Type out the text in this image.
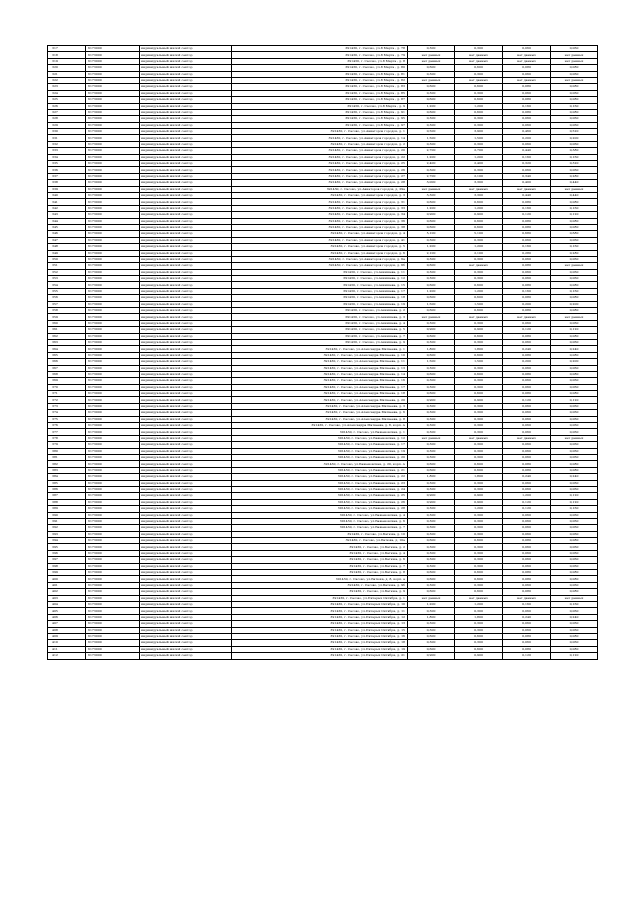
317	6173000	индивидуальный жилой сектор	391430, г. Сасово, ул.8 Марта , д. 78	0,300	0,300	0,060	0,060
318	6173000	индивидуальный жилой сектор	391430, г. Сасово, ул.8 Марта , д. 79	нет данных	нет данных	нет данных	нет данных
319	6173000	индивидуальный жилой сектор	391430, г. Сасово, ул.8 Марта , д. 8	нет данных	нет данных	нет данных	нет данных
320	6173000	индивидуальный жилой сектор	391430, г. Сасово, ул.8 Марта , д. 80	0,600	0,600	0,080	0,080
321	6173000	индивидуальный жилой сектор	391430, г. Сасово, ул.8 Марта , д. 81	0,300	0,300	0,060	0,060
322	6173000	индивидуальный жилой сектор	391430, г. Сасово, ул.8 Марта , д. 82	нет данных	нет данных	нет данных	нет данных
323	6173000	индивидуальный жилой сектор	391430, г. Сасово, ул.8 Марта , д. 83	0,600	0,600	0,080	0,080
324	6173000	индивидуальный жилой сектор	391430, г. Сасово, ул.8 Марта , д. 85	0,300	0,300	0,060	0,060
325	6173000	индивидуальный жилой сектор	391430, г. Сасово, ул.8 Марта , д. 87	0,600	0,600	0,080	0,080
326	6173000	индивидуальный жилой сектор	391430, г. Сасово, ул.8 Марта , д. 9	1,200	1,200	0,160	0,160
327	6173000	индивидуальный жилой сектор	391430, г. Сасово, ул.8 Марта , д. 91	0,600	0,600	0,080	0,080
328	6173000	индивидуальный жилой сектор	391430, г. Сасово, ул.8 Марта , д. 95	0,300	0,300	0,060	0,060
329	6173000	индивидуальный жилой сектор	391430, г. Сасово, ул.8 Марта , д. 97	0,300	0,300	0,060	0,060
330	6173000	индивидуальный жилой сектор	391430, г. Сасово, ул.Авиаторов городок, д. 1	0,500	3,900	0,460	0,520
331	6173000	индивидуальный жилой сектор	391430, г. Сасово, ул.Авиаторов городок, д. 14	1,500	1,500	0,200	0,200
332	6173000	индивидуальный жилой сектор	391430, г. Сасово, ул.Авиаторов городок, д. 2	0,300	0,300	0,060	0,060
333	6173000	индивидуальный жилой сектор	391430, г. Сасово, ул.Авиаторов городок, д. 20	2,700	2,700	0,440	0,380
334	6173000	индивидуальный жилой сектор	391430, г. Сасово, ул.Авиаторов городок, д. 22	1,200	1,200	0,160	0,160
335	6173000	индивидуальный жилой сектор	391430, г. Сасово, ул.Авиаторов городок, д. 25	2,400	2,400	0,320	0,320
336	6173000	индивидуальный жилой сектор	391430, г. Сасово, ул.Авиаторов городок, д. 26	0,300	0,300	0,060	0,060
337	6173000	индивидуальный жилой сектор	391430, г. Сасово, ул.Авиаторов городок, д. 27	2,700	2,100	0,340	0,280
338	6173000	индивидуальный жилой сектор	391430, г. Сасово, ул.Авиаторов городок, д. 28	3,000	3,300	0,400	0,440
339	6173000	индивидуальный жилой сектор	391430, г. Сасово, ул.Авиаторов городок, д. 29а	нет данных	нет данных	нет данных	нет данных
340	6173000	индивидуальный жилой сектор	391430, г. Сасово, ул.Авиаторов городок, д. 3	3,300	3,300	0,440	0,440
341	6173000	индивидуальный жилой сектор	391430, г. Сасово, ул.Авиаторов городок, д. 31	0,600	0,600	0,080	0,080
342	6173000	индивидуальный жилой сектор	391430, г. Сасово, ул.Авиаторов городок, д. 33	1,200	1,200	0,160	0,160
343	6173000	индивидуальный жилой сектор	391430, г. Сасово, ул.Авиаторов городок, д. 34	0,900	0,900	0,120	0,120
344	6173000	индивидуальный жилой сектор	391430, г. Сасово, ул.Авиаторов городок, д. 36	0,600	0,600	0,080	0,080
345	6173000	индивидуальный жилой сектор	391430, г. Сасово, ул.Авиаторов городок, д. 38	0,600	0,600	0,080	0,080
346	6173000	индивидуальный жилой сектор	391430, г. Сасово, ул.Авиаторов городок, д. 4	5,100	5,100	0,680	0,680
347	6173000	индивидуальный жилой сектор	391430, г. Сасово, ул.Авиаторов городок, д. 41	0,300	0,300	0,060	0,060
348	6173000	индивидуальный жилой сектор	391430, г. Сасово, ул.Авиаторов городок, д. 5	1,200	1,200	0,160	0,160
349	6173000	индивидуальный жилой сектор	391430, г. Сасово, ул.Авиаторов городок, д. 6	2,100	2,100	0,280	0,280
350	6173000	индивидуальный жилой сектор	391430, г. Сасово, ул.Авиаторов городок, д. 6а	0,300	0,300	0,060	0,060
351	6173000	индивидуальный жилой сектор	391430, г. Сасово, ул.Авиаторов городок, д. 6б	0,600	нет данных	0,080	нет данных
352	6173000	индивидуальный жилой сектор	391430, г. Сасово, ул.Аккишева, д. 11	0,300	0,300	0,060	0,060
353	6173000	индивидуальный жилой сектор	391430, г. Сасово, ул.Аккишева, д. 12	0,300	0,300	0,060	0,060
354	6173000	индивидуальный жилой сектор	391430, г. Сасово, ул.Аккишева, д. 15	0,600	0,600	0,080	0,080
355	6173000	индивидуальный жилой сектор	391430, г. Сасово, ул.Аккишева, д. 17	1,200	1,200	0,160	0,160
356	6173000	индивидуальный жилой сектор	391430, г. Сасово, ул.Аккишева, д. 18	0,600	0,600	0,080	0,080
357	6173000	индивидуальный жилой сектор	391430, г. Сасово, ул.Аккишева, д. 19	1,500	1,500	0,200	0,200
358	6173000	индивидуальный жилой сектор	391430, г. Сасово, ул.Аккишева, д. 2	0,600	0,600	0,080	0,080
359	6173000	индивидуальный жилой сектор	391430, г. Сасово, ул.Аккишева, д. 3	нет данных	нет данных	нет данных	нет данных
360	6173000	индивидуальный жилой сектор	391430, г. Сасово, ул.Аккишева, д. 4	0,300	0,300	0,060	0,060
361	6173000	индивидуальный жилой сектор	391430, г. Сасово, ул.Аккишева, д. 5	0,900	0,900	0,120	0,120
362	6173000	индивидуальный жилой сектор	391430, г. Сасово, ул.Аккишева, д. 7	0,600	0,600	0,080	0,080
363	6173000	индивидуальный жилой сектор	391430, г. Сасово, ул.Аккишева, д. 9	0,300	0,300	0,060	0,060
364	6173000	индивидуальный жилой сектор	391430, г. Сасово, ул.Александра Матвеева, д. 1	1,800	1,800	0,240	0,240
365	6173000	индивидуальный жилой сектор	391430, г. Сасово, ул.Александра Матвеева, д. 10	0,600	0,600	0,080	0,080
366	6173000	индивидуальный жилой сектор	391430, г. Сасово, ул.Александра Матвеева, д. 11	1,500	1,500	0,200	0,200
367	6173000	индивидуальный жилой сектор	391430, г. Сасово, ул.Александра Матвеева, д. 13	0,300	0,300	0,060	0,060
368	6173000	индивидуальный жилой сектор	391430, г. Сасово, ул.Александра Матвеева, д. 14	0,600	0,600	0,080	0,080
369	6173000	индивидуальный жилой сектор	391430, г. Сасово, ул.Александра Матвеева, д. 16	0,300	0,300	0,060	0,060
370	6173000	индивидуальный жилой сектор	391430, г. Сасово, ул.Александра Матвеева, д. 17	0,300	0,300	0,060	0,060
371	6173000	индивидуальный жилой сектор	391430, г. Сасово, ул.Александра Матвеева, д. 18	0,600	0,600	0,080	0,080
372	6173000	индивидуальный жилой сектор	391430, г. Сасово, ул.Александра Матвеева, д. 20	0,900	0,900	0,120	0,120
373	6173000	индивидуальный жилой сектор	391430, г. Сасово, ул.Александра Матвеева, д. 3	0,300	0,300	0,060	0,060
374	6173000	индивидуальный жилой сектор	391430, г. Сасово, ул.Александра Матвеева, д. 6	0,300	0,300	0,060	0,060
375	6173000	индивидуальный жилой сектор	391430, г. Сасово, ул.Александра Матвеева, д. 8	0,300	0,300	0,060	0,060
376	6173000	индивидуальный жилой сектор	391430, г. Сасово, ул.Александра Матвеева, д. 8, корп. А	0,300	0,300	0,060	0,060
377	6173000	индивидуальный жилой сектор	391430, г. Сасово, ул.Баженовская, д. 1	0,300	0,300	0,060	0,060
378	6173000	индивидуальный жилой сектор	391430, г. Сасово, ул.Баженовская, д. 12	нет данных	нет данных	нет данных	нет данных
379	6173000	индивидуальный жилой сектор	391430, г. Сасово, ул.Баженовская, д. 17	0,300	0,300	0,060	0,060
380	6173000	индивидуальный жилой сектор	391430, г. Сасово, ул.Баженовская, д. 19	0,300	0,300	0,060	0,060
381	6173000	индивидуальный жилой сектор	391430, г. Сасово, ул.Баженовская, д. 20	0,300	0,300	0,060	0,060
382	6173000	индивидуальный жилой сектор	391430, г. Сасово, ул.Баженовская, д. 20, корп. А	0,600	0,600	0,080	0,080
383	6173000	индивидуальный жилой сектор	391430, г. Сасово, ул.Баженовская, д. 21	0,600	0,600	0,080	0,080
384	6173000	индивидуальный жилой сектор	391430, г. Сасово, ул.Баженовская, д. 22	1,800	1,800	0,240	0,240
385	6173000	индивидуальный жилой сектор	391430, г. Сасово, ул.Баженовская, д. 23	0,300	0,300	0,060	0,060
386	6173000	индивидуальный жилой сектор	391430, г. Сасово, ул.Баженовская, д. 24	0,300	0,300	0,060	0,060
387	6173000	индивидуальный жилой сектор	391430, г. Сасово, ул.Баженовская, д. 25	0,900	0,900	1,200	0,120
388	6173000	индивидуальный жилой сектор	391430, г. Сасово, ул.Баженовская, д. 26	0,900	0,900	0,120	0,120
389	6173000	индивидуальный жилой сектор	391430, г. Сасово, ул.Баженовская, д. 28	0,300	1,200	0,120	0,160
390	6173000	индивидуальный жилой сектор	391430, г. Сасово, ул.Баженовская, д. 4	0,300	0,300	0,060	0,060
391	6173000	индивидуальный жилой сектор	391430, г. Сасово, ул.Баженовская, д. 6	0,300	0,300	0,060	0,060
392	6173000	индивидуальный жилой сектор	391430, г. Сасово, ул.Баженовская, д. 7	0,300	0,300	0,060	0,060
393	6173000	индивидуальный жилой сектор	391430, г. Сасово, ул.Батюка, д. 10	0,300	0,300	0,060	0,060
394	6173000	индивидуальный жилой сектор	391430, г. Сасово, ул.Батюка, д. 10а	0,600	0,600	0,080	0,080
395	6173000	индивидуальный жилой сектор	391430, г. Сасово, ул.Батюка, д. 2	0,300	0,300	0,060	0,060
396	6173000	индивидуальный жилой сектор	391430, г. Сасово, ул.Батюка, д. 4	0,300	0,300	0,060	0,060
397	6173000	индивидуальный жилой сектор	391430, г. Сасово, ул.Батюка, д. 6	0,300	0,300	0,060	0,060
398	6173000	индивидуальный жилой сектор	391430, г. Сасово, ул.Батюка, д. 7	0,300	0,300	0,060	0,060
399	6173000	индивидуальный жилой сектор	391430, г. Сасово, ул.Батюка, д. 8	0,600	0,600	0,080	0,080
400	6173000	индивидуальный жилой сектор	391430, г. Сасово, ул.Батюка, д. 8, корп. а	0,600	0,600	0,080	0,080
401	6173000	индивидуальный жилой сектор	391430, г. Сасово, ул.Батюка, д. 9б	0,300	0,300	0,060	0,060
402	6173000	индивидуальный жилой сектор	391430, г. Сасово, ул.Батюка, д. 9	0,600	0,600	0,080	0,080
403	6173000	индивидуальный жилой сектор	391430, г. Сасово, ул.Пятерых Октября, д. 1	нет данных	нет данных	нет данных	нет данных
404	6173000	индивидуальный жилой сектор	391430, г. Сасово, ул.Пятерых Октября, д. 10	1,200	1,200	0,160	0,160
405	6173000	индивидуальный жилой сектор	391430, г. Сасово, ул.Пятерых Октября, д. 11	0,300	0,300	0,060	0,060
406	6173000	индивидуальный жилой сектор	391430, г. Сасово, ул.Пятерых Октября, д. 12	1,800	1,800	0,240	0,240
407	6173000	индивидуальный жилой сектор	391430, г. Сасово, ул.Пятерых Октября, д. 13	0,300	0,300	0,060	0,060
408	6173000	индивидуальный жилой сектор	391430, г. Сасово, ул.Пятерых Октября, д. 15	0,300	0,300	0,060	0,060
409	6173000	индивидуальный жилой сектор	391430, г. Сасово, ул.Пятерых Октября, д. 16	0,600	0,600	0,080	0,080
410	6173000	индивидуальный жилой сектор	391430, г. Сасово, ул.Пятерых Октября, д. 18	0,300	0,300	0,060	0,060
411	6173000	индивидуальный жилой сектор	391430, г. Сасово, ул.Пятерых Октября, д. 19	0,600	0,600	0,080	0,080
412	6173000	индивидуальный жилой сектор	391430, г. Сасово, ул.Пятерых Октября, д. 21	0,900	0,900	0,120	0,120
